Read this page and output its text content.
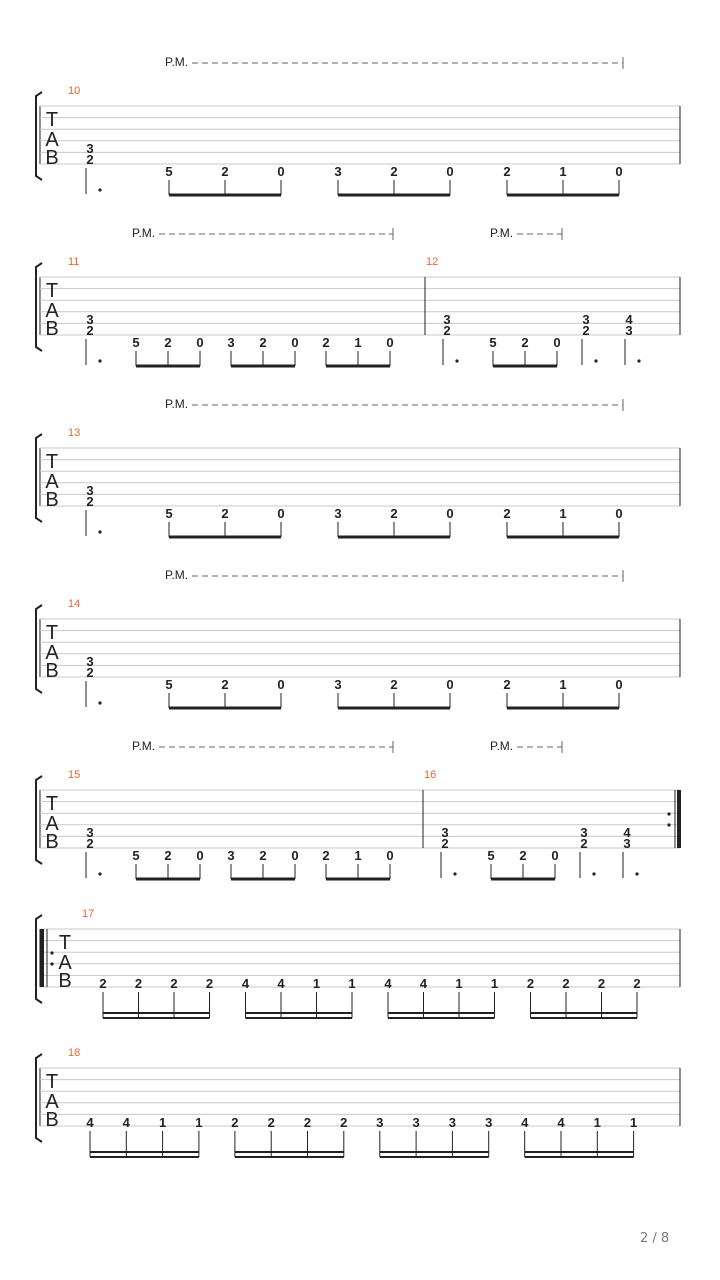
T
A
B
10
P.M.
3
2
5	2	0	3	2	0	2	1	0
T
A
B
11	12
P.M.	P.M.
3
2
5 2 0 3 2 0 2 1 0
3
2
5 2 0
3
2
4
3
T
A
B
13
P.M.
3
2
5	2	0	3	2	0	2	1	0
T
A
B
14
P.M.
3
2
5	2	0	3	2	0	2	1	0
T
A
B
15	16
P.M.	P.M.
3
2
5 2 0 3 2 0 2 1 0
3
2
5 2 0
3
2
4
3
T
A
B
17
2 2 2 2 4 4 1 1 4 4 1 1 2 2 2 2
T
A
B
18
4 4 1 1 2 2 2 2 3 3 3 3 4 4 1 1
2 / 8
